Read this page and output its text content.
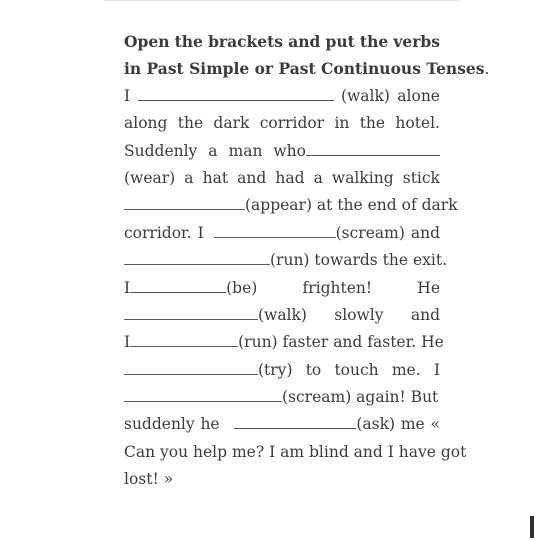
Open the brackets and put the verbs
in Past Simple or Past Continuous Tenses.
I	(walk) alone
along the dark corridor in the hotel.
Suddenly a man who
(wear) a hat and had a walking stick
(appear) at the end of dark
corridor. I	(scream) and
(run) towards the exit.
I	(be)	frighten!	He
(walk) slowly and
I	(run) faster and faster. He
(try) to touch me. I
(scream) again! But
suddenly he	(ask) me «
Can you help me? I am blind and I have got
lost! »
